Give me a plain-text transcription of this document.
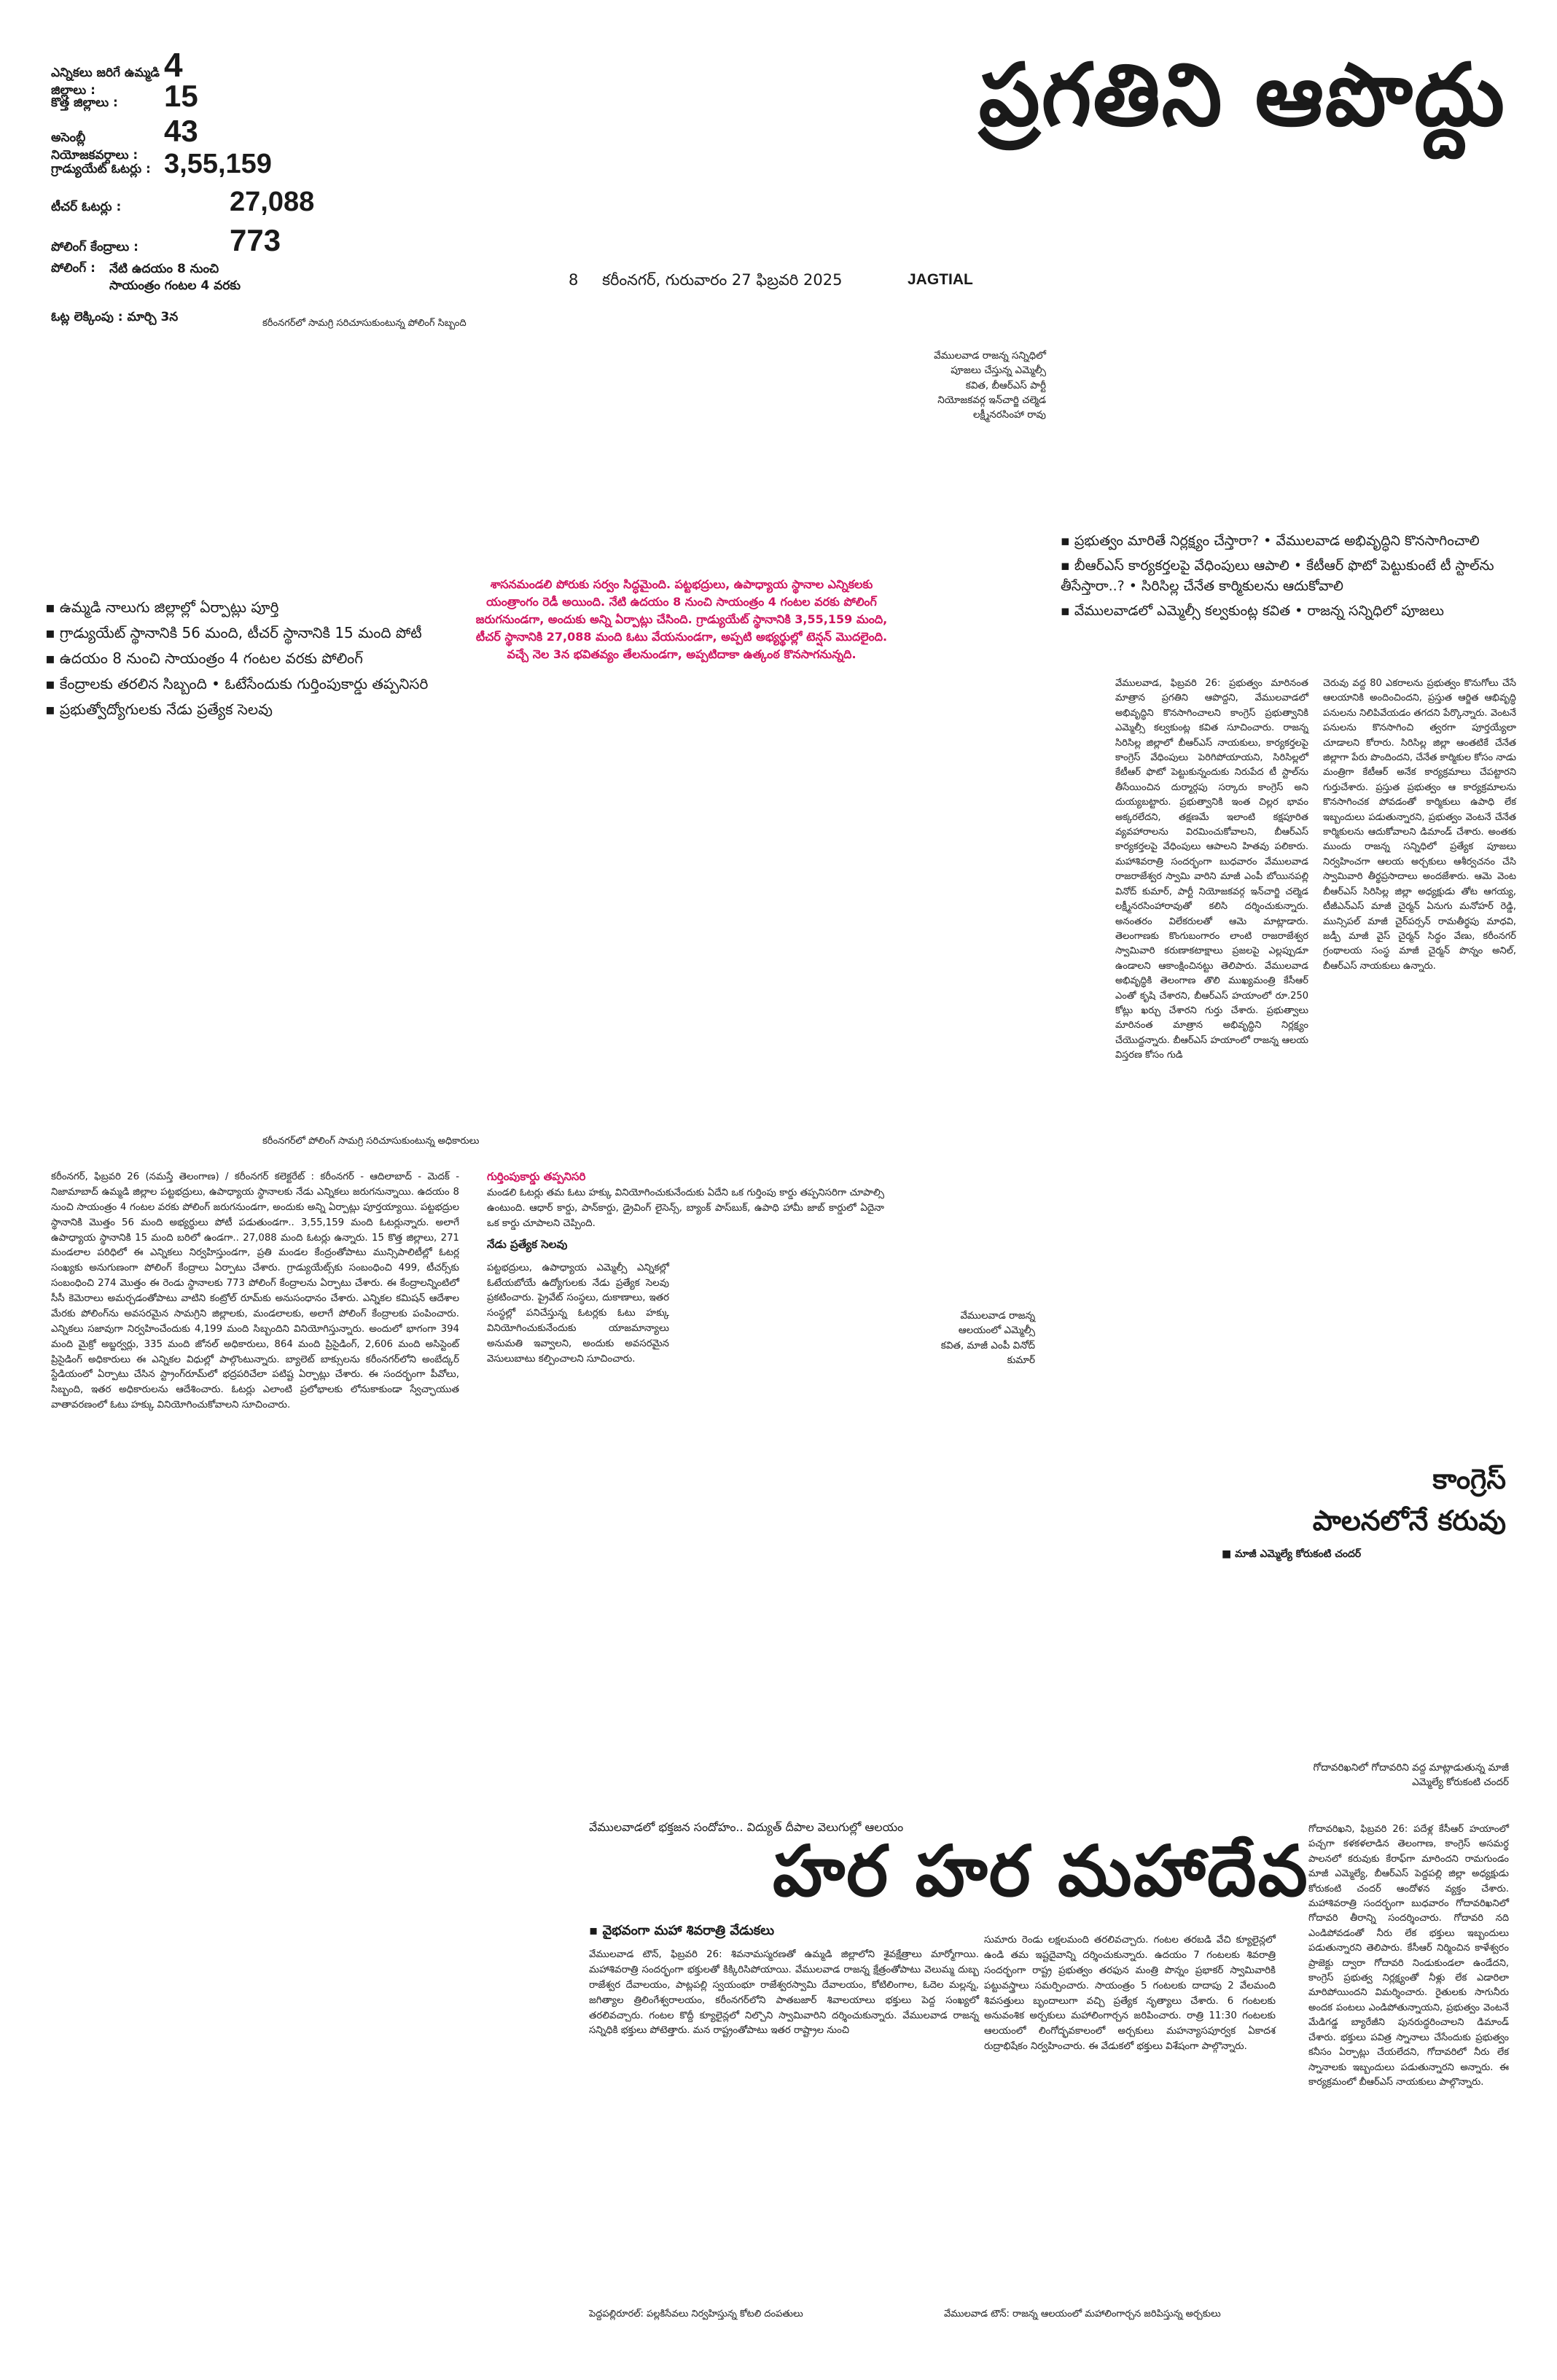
ఎన్నికలు జరిగే ఉమ్మడి జిల్లాలు :
4
కొత్త జిల్లాలు :	15
అసెంబ్లీ నియోజకవర్గాలు :
43
గ్రాడ్యుయేట్ ఓటర్లు : 3,55,159
టీచర్ ఓటర్లు :	27,088
పోలింగ్ కేంద్రాలు :	773
పోలింగ్ :	నేటి ఉదయం 8 నుంచి
సాయంత్రం గంటల 4 వరకు
ఓట్ల లెక్కింపు : మార్చి 3న
ప్రగతిని ఆపొద్దు
8 కరీంనగర్, గురువారం 27 ఫిబ్రవరి 2025	JAGTIAL
కరీంనగర్‌లో సామగ్రి సరిచూసుకుంటున్న పోలింగ్ సిబ్బంది
వేములవాడ రాజన్న సన్నిధిలో పూజలు చేస్తున్న ఎమ్మెల్సీ కవిత, బీఆర్‌ఎస్ పార్టీ నియోజకవర్గ ఇన్‌చార్జి చల్మెడ లక్ష్మీనరసింహా రావు
▪ ఉమ్మడి నాలుగు జిల్లాల్లో ఏర్పాట్లు పూర్తి
▪ గ్రాడ్యుయేట్ స్థానానికి 56 మంది, టీచర్ స్థానానికి 15 మంది పోటీ
▪ ఉదయం 8 నుంచి సాయంత్రం 4 గంటల వరకు పోలింగ్
▪ కేంద్రాలకు తరలిన సిబ్బంది • ఓటేసేందుకు గుర్తింపుకార్డు తప్పనిసరి
▪ ప్రభుత్వోద్యోగులకు నేడు ప్రత్యేక సెలవు
శాసనమండలి పోరుకు సర్వం సిద్ధమైంది. పట్టభద్రులు, ఉపాధ్యాయ స్థానాల ఎన్నికలకు యంత్రాంగం రెడీ అయింది. నేటి ఉదయం 8 నుంచి సాయంత్రం 4 గంటల వరకు పోలింగ్ జరుగనుండగా, అందుకు అన్ని ఏర్పాట్లు చేసింది. గ్రాడ్యుయేట్ స్థానానికి 3,55,159 మంది, టీచర్ స్థానానికి 27,088 మంది ఓటు వేయనుండగా, అప్పటి అభ్యర్థుల్లో టెన్షన్ మొదలైంది. వచ్చే నెల 3న భవితవ్యం తేలనుండగా, అప్పటిదాకా ఉత్కంఠ కొనసాగనున్నది.
▪ ప్రభుత్వం మారితే నిర్లక్ష్యం చేస్తారా? • వేములవాడ అభివృద్ధిని కొనసాగించాలి
▪ బీఆర్‌ఎస్ కార్యకర్తలపై వేధింపులు ఆపాలి • కేటీఆర్ ఫొటో పెట్టుకుంటే టీ స్టాల్‌ను తీసేస్తారా..? • సిరిసిల్ల చేనేత కార్మికులను ఆదుకోవాలి
▪ వేములవాడలో ఎమ్మెల్సీ కల్వకుంట్ల కవిత • రాజన్న సన్నిధిలో పూజలు
వేములవాడ, ఫిబ్రవరి 26: ప్రభుత్వం మారినంత మాత్రాన ప్రగతిని ఆపొద్దని, వేములవాడలో అభివృద్ధిని కొనసాగించాలని కాంగ్రెస్ ప్రభుత్వానికి ఎమ్మెల్సీ కల్వకుంట్ల కవిత సూచించారు. రాజన్న సిరిసిల్ల జిల్లాలో బీఆర్‌ఎస్ నాయకులు, కార్యకర్తలపై కాంగ్రెస్ వేధింపులు పెరిగిపోయాయని, సిరిసిల్లలో కేటీఆర్ ఫొటో పెట్టుకున్నందుకు నిరుపేద టీ స్టాల్‌ను తీసేయించిన దుర్మార్గపు సర్కారు కాంగ్రెస్ అని దుయ్యబట్టారు. ప్రభుత్వానికి ఇంత చిల్లర భావం అక్కరలేదని, తక్షణమే ఇలాంటి కక్షపూరిత వ్యవహారాలను విరమించుకోవాలని, బీఆర్‌ఎస్ కార్యకర్తలపై వేధింపులు ఆపాలని హితవు పలికారు. మహాశివరాత్రి సందర్భంగా బుధవారం వేములవాడ రాజరాజేశ్వర స్వామి వారిని మాజీ ఎంపీ బోయినపల్లి వినోద్ కుమార్, పార్టీ నియోజకవర్గ ఇన్‌చార్జి చల్మెడ లక్ష్మీనరసింహారావుతో కలిసి దర్శించుకున్నారు. అనంతరం విలేకరులతో ఆమె మాట్లాడారు. తెలంగాణకు కొంగుబంగారం లాంటి రాజరాజేశ్వర స్వామివారి కరుణాకటాక్షాలు ప్రజలపై ఎల్లప్పుడూ ఉండాలని ఆకాంక్షించినట్టు తెలిపారు. వేములవాడ అభివృద్ధికి తెలంగాణ తొలి ముఖ్యమంత్రి కేసీఆర్ ఎంతో కృషి చేశారని, బీఆర్‌ఎస్ హయాంలో రూ.250 కోట్లు ఖర్చు చేశారని గుర్తు చేశారు. ప్రభుత్వాలు మారినంత మాత్రాన అభివృద్ధిని నిర్లక్ష్యం చేయొద్దన్నారు. బీఆర్‌ఎస్ హయాంలో రాజన్న ఆలయ విస్తరణ కోసం గుడి
చెరువు వద్ద 80 ఎకరాలను ప్రభుత్వం కొనుగోలు చేసే ఆలయానికి అందించిందని, ప్రస్తుత ఆర్జిత ఆభివృద్ధి పనులను నిలిపివేయడం తగదని పేర్కొన్నారు. వెంటనే పనులను కొనసాగించి త్వరగా పూర్తయ్యేలా చూడాలని కోరారు. సిరిసిల్ల జిల్లా ఆంతటికే చేనేత జిల్లాగా పేరు పొందిందని, చేనేత కార్మికుల కోసం నాడు మంత్రిగా కేటీఆర్ అనేక కార్యక్రమాలు చేపట్టారని గుర్తుచేశారు. ప్రస్తుత ప్రభుత్వం ఆ కార్యక్రమాలను కొనసాగించక పోవడంతో కార్మికులు ఉపాధి లేక ఇబ్బందులు పడుతున్నారని, ప్రభుత్వం వెంటనే చేనేత కార్మికులను ఆదుకోవాలని డిమాండ్ చేశారు. అంతకు ముందు రాజన్న సన్నిధిలో ప్రత్యేక పూజలు నిర్వహించగా ఆలయ అర్చకులు ఆశీర్వచనం చేసి స్వామివారి తీర్థప్రసాదాలు అందజేశారు. ఆమె వెంట బీఆర్‌ఎస్ సిరిసిల్ల జిల్లా అధ్యక్షుడు తోట ఆగయ్య, టీజీఎన్‌ఎస్ మాజీ చైర్మన్ ఏనుగు మనోహర్ రెడ్డి, మున్సిపల్ మాజీ చైర్‌పర్సన్ రామతీర్థపు మాధవి, జడ్పీ మాజీ వైస్ చైర్మన్ సిద్ధం వేణు, కరీంనగర్ గ్రంథాలయ సంస్థ మాజీ చైర్మన్ పొన్నం అనిల్, బీఆర్‌ఎస్ నాయకులు ఉన్నారు.
కరీంనగర్‌లో పోలింగ్ సామగ్రి సరిచూసుకుంటున్న అధికారులు
కరీంనగర్, ఫిబ్రవరి 26 (నమస్తే తెలంగాణ) / కరీంనగర్ కలెక్టరేట్ : కరీంనగర్ - ఆదిలాబాద్ - మెదక్ - నిజామాబాద్ ఉమ్మడి జిల్లాల పట్టభద్రులు, ఉపాధ్యాయ స్థానాలకు నేడు ఎన్నికలు జరుగనున్నాయి. ఉదయం 8 నుంచి సాయంత్రం 4 గంటల వరకు పోలింగ్ జరుగనుండగా, అందుకు అన్ని ఏర్పాట్లు పూర్తయ్యాయి. పట్టభద్రుల స్థానానికి మొత్తం 56 మంది అభ్యర్థులు పోటీ పడుతుండగా.. 3,55,159 మంది ఓటర్లున్నారు. అలాగే ఉపాధ్యాయ స్థానానికి 15 మంది బరిలో ఉండగా.. 27,088 మంది ఓటర్లు ఉన్నారు. 15 కొత్త జిల్లాలు, 271 మండలాల పరిధిలో ఈ ఎన్నికలు నిర్వహిస్తుండగా, ప్రతి మండల కేంద్రంతోపాటు మున్సిపాలిటీల్లో ఓటర్ల సంఖ్యకు అనుగుణంగా పోలింగ్ కేంద్రాలు ఏర్పాటు చేశారు. గ్రాడ్యుయేట్స్‌కు సంబంధించి 499, టీచర్స్‌కు సంబంధించి 274 మొత్తం ఈ రెండు స్థానాలకు 773 పోలింగ్ కేంద్రాలను ఏర్పాటు చేశారు. ఈ కేంద్రాలన్నింటిలో సీసీ కెమెరాలు అమర్చడంతోపాటు వాటిని కంట్రోల్ రూమ్‌కు అనుసంధానం చేశారు. ఎన్నికల కమిషన్ ఆదేశాల మేరకు పోలింగ్‌ను అవసరమైన సామగ్రిని జిల్లాలకు, మండలాలకు, అలాగే పోలింగ్ కేంద్రాలకు పంపించారు. ఎన్నికలు సజావుగా నిర్వహించేందుకు 4,199 మంది సిబ్బందిని వినియోగిస్తున్నారు. అందులో భాగంగా 394 మంది మైక్రో అబ్జర్వర్లు, 335 మంది జోనల్ అధికారులు, 864 మంది ప్రిసైడింగ్, 2,606 మంది అసిస్టెంట్ ప్రిసైడింగ్ అధికారులు ఈ ఎన్నికల విధుల్లో పాల్గొంటున్నారు. బ్యాలెట్ బాక్సులను కరీంనగర్‌లోని అంబేద్కర్ స్టేడియంలో ఏర్పాటు చేసిన స్ట్రాంగ్‌రూమ్‌లో భద్రపరిచేలా పటిష్ట ఏర్పాట్లు చేశారు. ఈ సందర్భంగా పీవోలు, సిబ్బంది, ఇతర అధికారులను ఆదేశించారు. ఓటర్లు ఎలాంటి ప్రలోభాలకు లోనుకాకుండా స్వేచ్ఛాయుత వాతావరణంలో ఓటు హక్కు వినియోగించుకోవాలని సూచించారు.
గుర్తింపుకార్డు తప్పనిసరి
మండలి ఓటర్లు తమ ఓటు హక్కు వినియోగించుకునేందుకు ఏదేని ఒక గుర్తింపు కార్డు తప్పనిసరిగా చూపాల్సి ఉంటుంది. ఆధార్ కార్డు, పాన్‌కార్డు, డ్రైవింగ్ లైసెన్స్, బ్యాంక్ పాస్‌బుక్, ఉపాధి హామీ జాబ్ కార్డులో ఏదైనా ఒక కార్డు చూపాలని చెప్పింది.
నేడు ప్రత్యేక సెలవు
పట్టభద్రులు, ఉపాధ్యాయ ఎమ్మెల్సీ ఎన్నికల్లో ఓటేయబోయే ఉద్యోగులకు నేడు ప్రత్యేక సెలవు ప్రకటించారు. ప్రైవేట్ సంస్థలు, దుకాణాలు, ఇతర సంస్థల్లో పనిచేస్తున్న ఓటర్లకు ఓటు హక్కు వినియోగించుకునేందుకు యాజమాన్యాలు అనుమతి ఇవ్వాలని, అందుకు అవసరమైన వెసులుబాటు కల్పించాలని సూచించారు.
వేములవాడ రాజన్న ఆలయంలో ఎమ్మెల్సీ కవిత, మాజీ ఎంపీ వినోద్ కుమార్
కాంగ్రెస్
పాలనలోనే కరువు
■ మాజీ ఎమ్మెల్యే కోరుకంటి చందర్
గోదావరిఖనిలో గోదావరిని వద్ద మాట్లాడుతున్న మాజీ ఎమ్మెల్యే కోరుకంటి చందర్
వేములవాడలో భక్తజన సందోహం.. విద్యుత్ దీపాల వెలుగుల్లో ఆలయం
హర హర మహాదేవ
▪ వైభవంగా మహా శివరాత్రి వేడుకలు
వేములవాడ టౌన్, ఫిబ్రవరి 26: శివనామస్మరణతో ఉమ్మడి జిల్లాలోని శైవక్షేత్రాలు మార్మోగాయి. మహాశివరాత్రి సందర్భంగా భక్తులతో కిక్కిరిసిపోయాయి. వేములవాడ రాజన్న క్షేత్రంతోపాటు వెలుమ్మ దుబ్బ రాజేశ్వర దేవాలయం, పాట్లపల్లి స్వయంభూ రాజేశ్వరస్వామి దేవాలయం, కోటిలింగాల, ఓదెల మల్లన్న, జగిత్యాల త్రిలింగేశ్వరాలయం, కరీంనగర్‌లోని పాతబజార్ శివాలయాలు భక్తులు పెద్ద సంఖ్యలో తరలివచ్చారు. గంటల కొద్దీ క్యూలైన్లలో నిల్చొని స్వామివారిని దర్శించుకున్నారు. వేములవాడ రాజన్న సన్నిధికి భక్తులు పోటెత్తారు. మన రాష్ట్రంతోపాటు ఇతర రాష్ట్రాల నుంచి
సుమారు రెండు లక్షలమంది తరలివచ్చారు. గంటల తరబడి వేచి క్యూలైన్లలో ఉండి తమ ఇష్టదైవాన్ని దర్శించుకున్నారు. ఉదయం 7 గంటలకు శివరాత్రి సందర్భంగా రాష్ట్ర ప్రభుత్వం తరఫున మంత్రి పొన్నం ప్రభాకర్ స్వామివారికి పట్టువస్త్రాలు సమర్పించారు. సాయంత్రం 5 గంటలకు దాదాపు 2 వేలమంది శివసత్తులు బృందాలుగా వచ్చి ప్రత్యేక నృత్యాలు చేశారు. 6 గంటలకు అనువంశిక అర్చకులు మహాలింగార్చన జరిపించారు. రాత్రి 11:30 గంటలకు ఆలయంలో లింగోద్భవకాలంలో అర్చకులు మహన్యాసపూర్వక ఏకాదశ రుద్రాభిషేకం నిర్వహించారు. ఈ వేడుకలో భక్తులు విశేషంగా పాల్గొన్నారు.
గోదావరిఖని, ఫిబ్రవరి 26: పదేళ్ల కేసీఆర్ హయాంలో పచ్చగా కళకళలాడిన తెలంగాణ, కాంగ్రెస్ అసమర్థ పాలనలో కరువుకు కేరాఫ్‌గా మారిందని రామగుండం మాజీ ఎమ్మెల్యే, బీఆర్‌ఎస్ పెద్దపల్లి జిల్లా అధ్యక్షుడు కోరుకంటి చందర్ ఆందోళన వ్యక్తం చేశారు. మహాశివరాత్రి సందర్భంగా బుధవారం గోదావరిఖనిలో గోదావరి తీరాన్ని సందర్శించారు. గోదావరి నది ఎండిపోవడంతో నీరు లేక భక్తులు ఇబ్బందులు పడుతున్నారని తెలిపారు. కేసీఆర్ నిర్మించిన కాళేశ్వరం ప్రాజెక్టు ద్వారా గోదావరి నిండుకుండలా ఉండేదని, కాంగ్రెస్ ప్రభుత్వ నిర్లక్ష్యంతో నీళ్లు లేక ఎడారిలా మారిపోయిందని విమర్శించారు. రైతులకు సాగునీరు అందక పంటలు ఎండిపోతున్నాయని, ప్రభుత్వం వెంటనే మేడిగడ్డ బ్యారేజీని పునరుద్ధరించాలని డిమాండ్ చేశారు. భక్తులు పవిత్ర స్నానాలు చేసేందుకు ప్రభుత్వం కనీసం ఏర్పాట్లు చేయలేదని, గోదావరిలో నీరు లేక స్నానాలకు ఇబ్బందులు పడుతున్నారని అన్నారు. ఈ కార్యక్రమంలో బీఆర్‌ఎస్ నాయకులు పాల్గొన్నారు.
పెద్దపల్లిరూరల్: పల్లకిసేవలు నిర్వహిస్తున్న కోటలి దంపతులు	వేములవాడ టౌన్: రాజన్న ఆలయంలో మహాలింగార్చన జరిపిస్తున్న అర్చకులు
